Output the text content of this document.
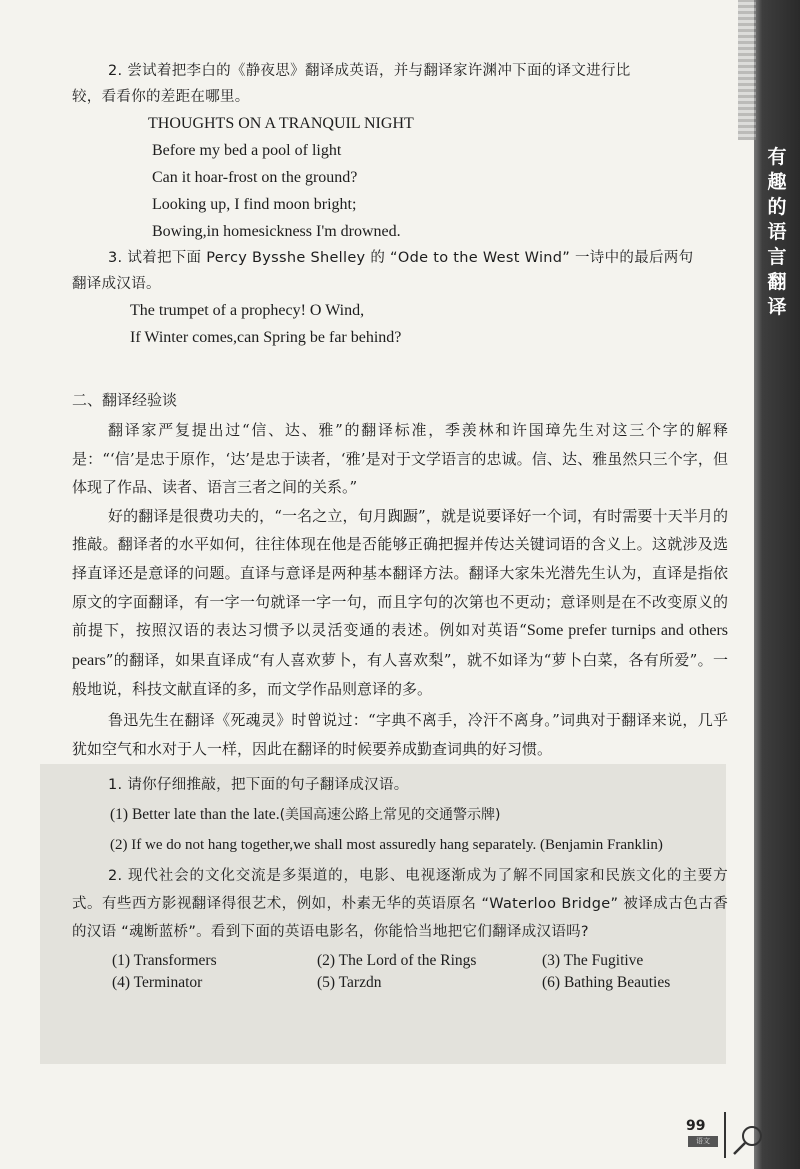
有
趣
的
语
言
翻
译

2. 尝试着把李白的《静夜思》翻译成英语，并与翻译家许渊冲下面的译文进行比

较，看看你的差距在哪里。

THOUGHTS ON A TRANQUIL NIGHT

Before my bed a pool of light

Can it hoar-frost on the ground?

Looking up, I find moon bright;

Bowing,in homesickness I'm drowned.

3. 试着把下面 Percy Bysshe Shelley 的 “Ode to the West Wind” 一诗中的最后两句

翻译成汉语。

The trumpet of a prophecy! O Wind,

If Winter comes,can Spring be far behind?

二、翻译经验谈

翻译家严复提出过“信、达、雅”的翻译标准，季羡林和许国璋先生对这三个字的解释是：“‘信’是忠于原作，‘达’是忠于读者，‘雅’是对于文学语言的忠诚。信、达、雅虽然只三个字，但体现了作品、读者、语言三者之间的关系。”

好的翻译是很费功夫的，“一名之立，旬月踟蹰”，就是说要译好一个词，有时需要十天半月的推敲。翻译者的水平如何，往往体现在他是否能够正确把握并传达关键词语的含义上。这就涉及选择直译还是意译的问题。直译与意译是两种基本翻译方法。翻译大家朱光潜先生认为，直译是指依原文的字面翻译，有一字一句就译一字一句，而且字句的次第也不更动；意译则是在不改变原义的前提下，按照汉语的表达习惯予以灵活变通的表述。例如对英语“Some prefer turnips and others pears”的翻译，如果直译成“有人喜欢萝卜，有人喜欢梨”，就不如译为“萝卜白菜，各有所爱”。一般地说，科技文献直译的多，而文学作品则意译的多。

鲁迅先生在翻译《死魂灵》时曾说过：“字典不离手，冷汗不离身。”词典对于翻译来说，几乎犹如空气和水对于人一样，因此在翻译的时候要养成勤查词典的好习惯。

1. 请你仔细推敲，把下面的句子翻译成汉语。

(1) Better late than the late.(美国高速公路上常见的交通警示牌)

(2) If we do not hang together,we shall most assuredly hang separately. (Benjamin Franklin)

2. 现代社会的文化交流是多渠道的，电影、电视逐渐成为了解不同国家和民族文化的主要方式。有些西方影视翻译得很艺术，例如，朴素无华的英语原名 “Waterloo Bridge” 被译成古色古香的汉语 “魂断蓝桥”。看到下面的英语电影名，你能恰当地把它们翻译成汉语吗?

(1) Transformers	(2) The Lord of the Rings	(3) The Fugitive
(4) Terminator	(5) Tarzdn	(6) Bathing Beauties
99
语文
